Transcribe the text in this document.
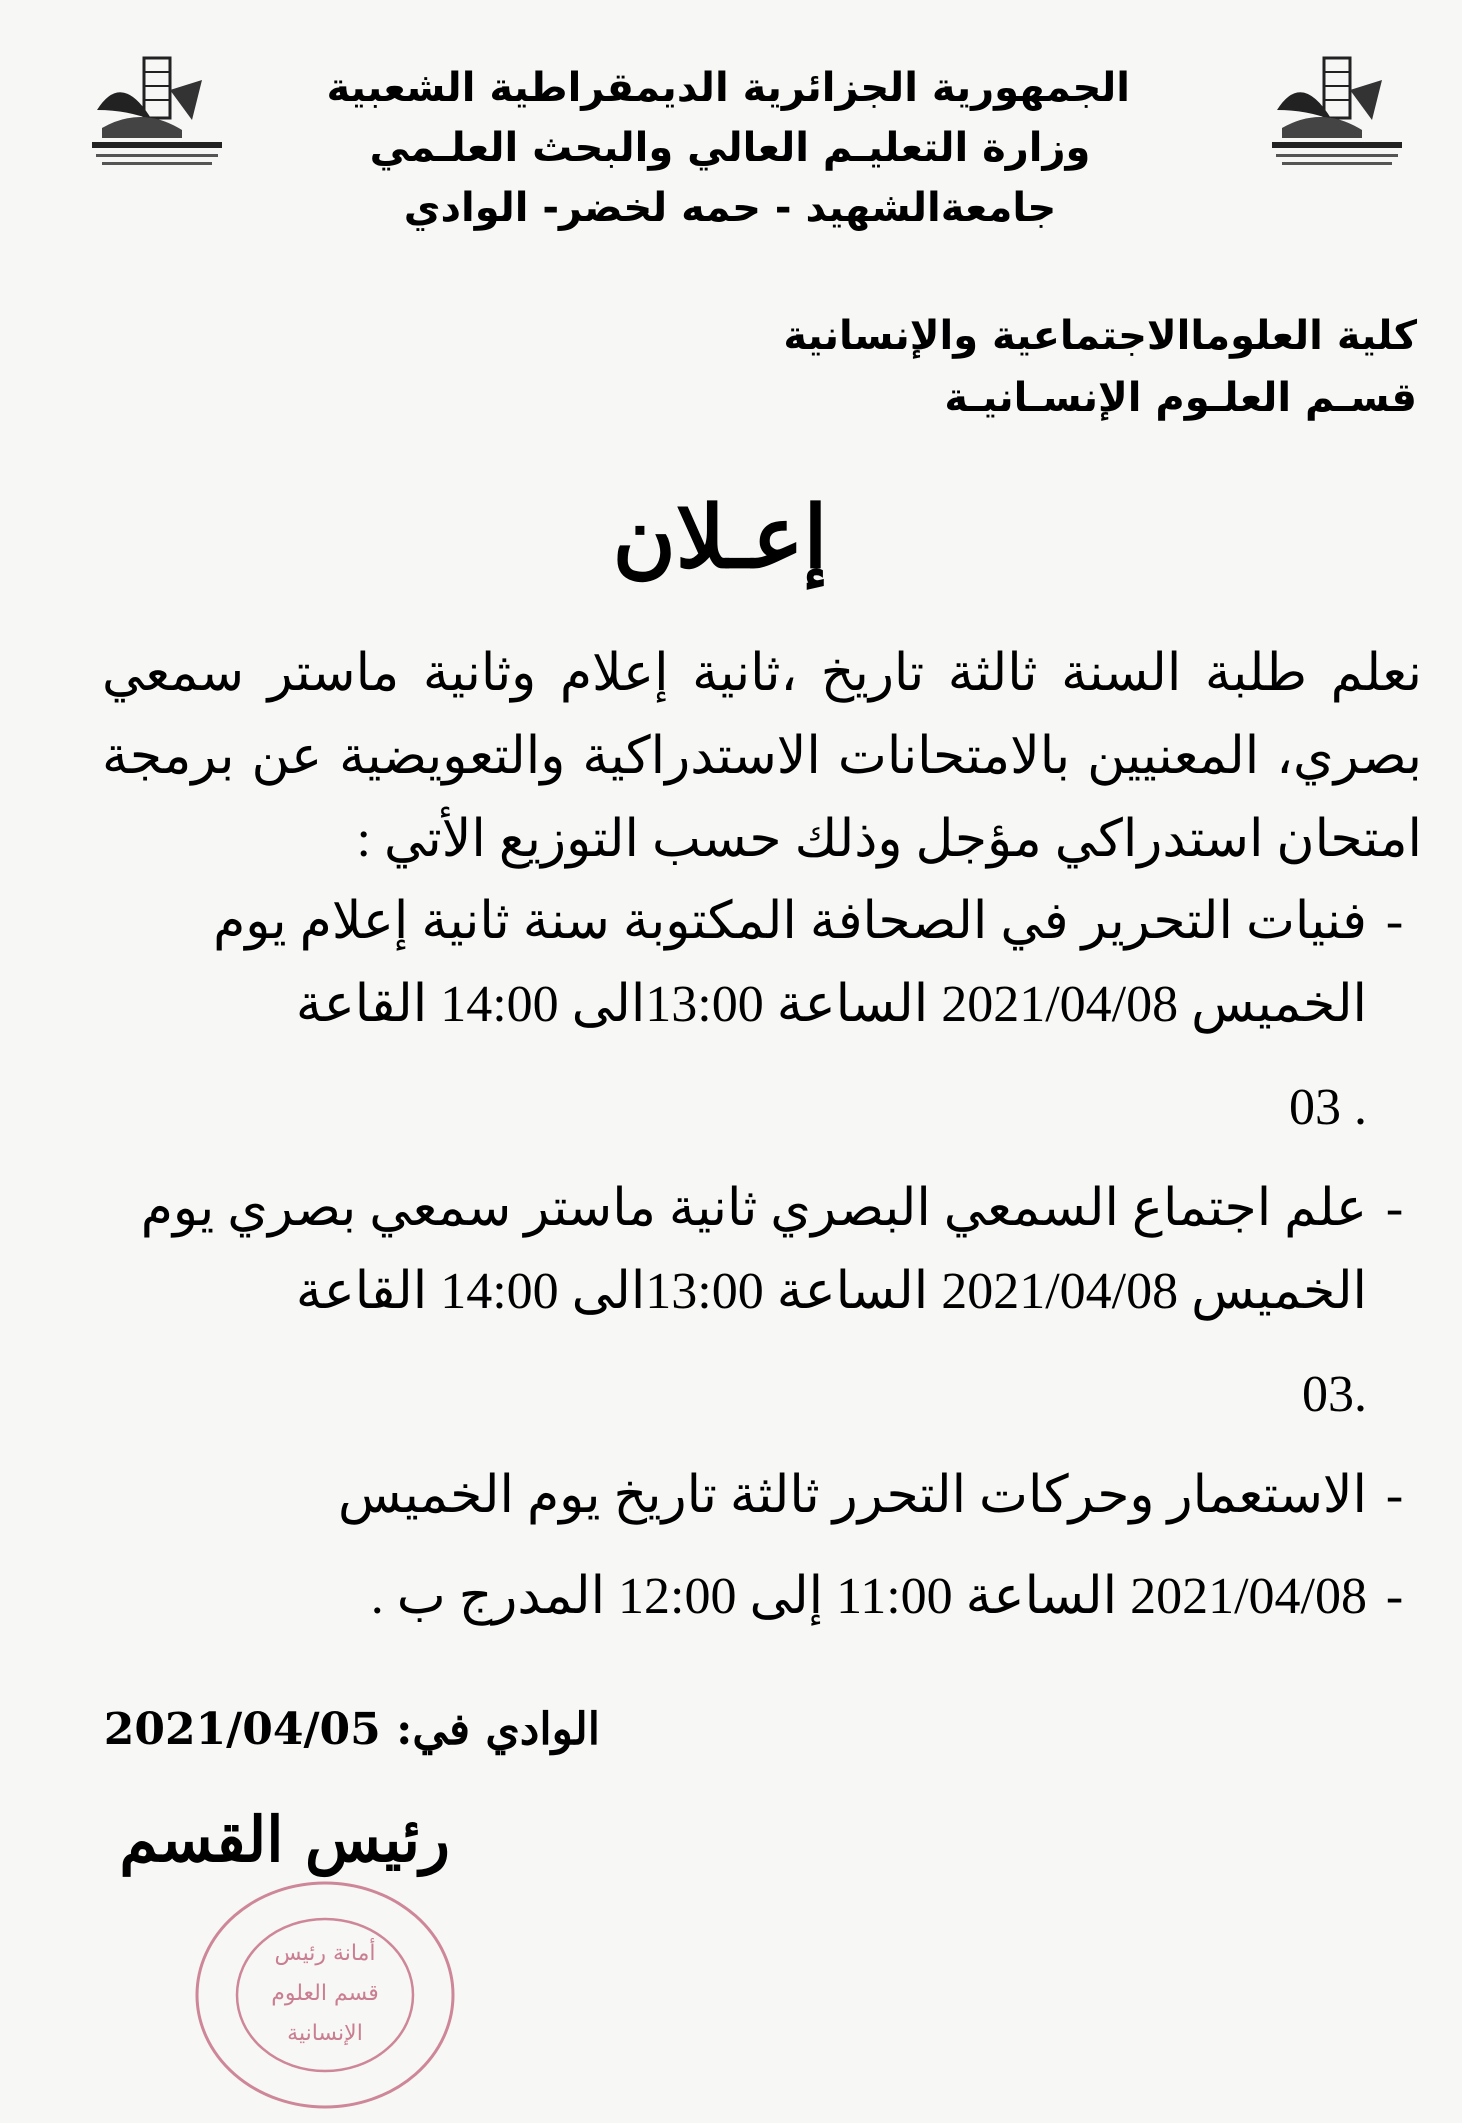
الجمهورية الجزائرية الديمقراطية الشعبية
وزارة التعليـم العالي والبحث العلـمي
جامعةالشهيد - حمه لخضر- الوادي
كلية العلوماالاجتماعية والإنسانية
قسـم العلـوم الإنسـانيـة
إعـلان

نعلم طلبة السنة ثالثة تاريخ ،ثانية إعلام وثانية ماستر سمعي بصري، المعنيين بالامتحانات الاستدراكية والتعويضية عن برمجة امتحان استدراكي مؤجل وذلك حسب التوزيع الأتي :

-
فنيات التحرير في الصحافة المكتوبة سنة ثانية إعلام يوم الخميس 2021/04/08 الساعة 13:00الى 14:00 القاعة
. 03
-
علم اجتماع السمعي البصري ثانية ماستر سمعي بصري يوم الخميس 2021/04/08 الساعة 13:00الى 14:00 القاعة
.03
-
الاستعمار وحركات التحرر ثالثة تاريخ يوم الخميس
-
2021/04/08 الساعة 11:00 إلى 12:00 المدرج ب .
الوادي في: 2021/04/05
رئيس القسم
أمانة رئيس
قسم العلوم
الإنسانية
